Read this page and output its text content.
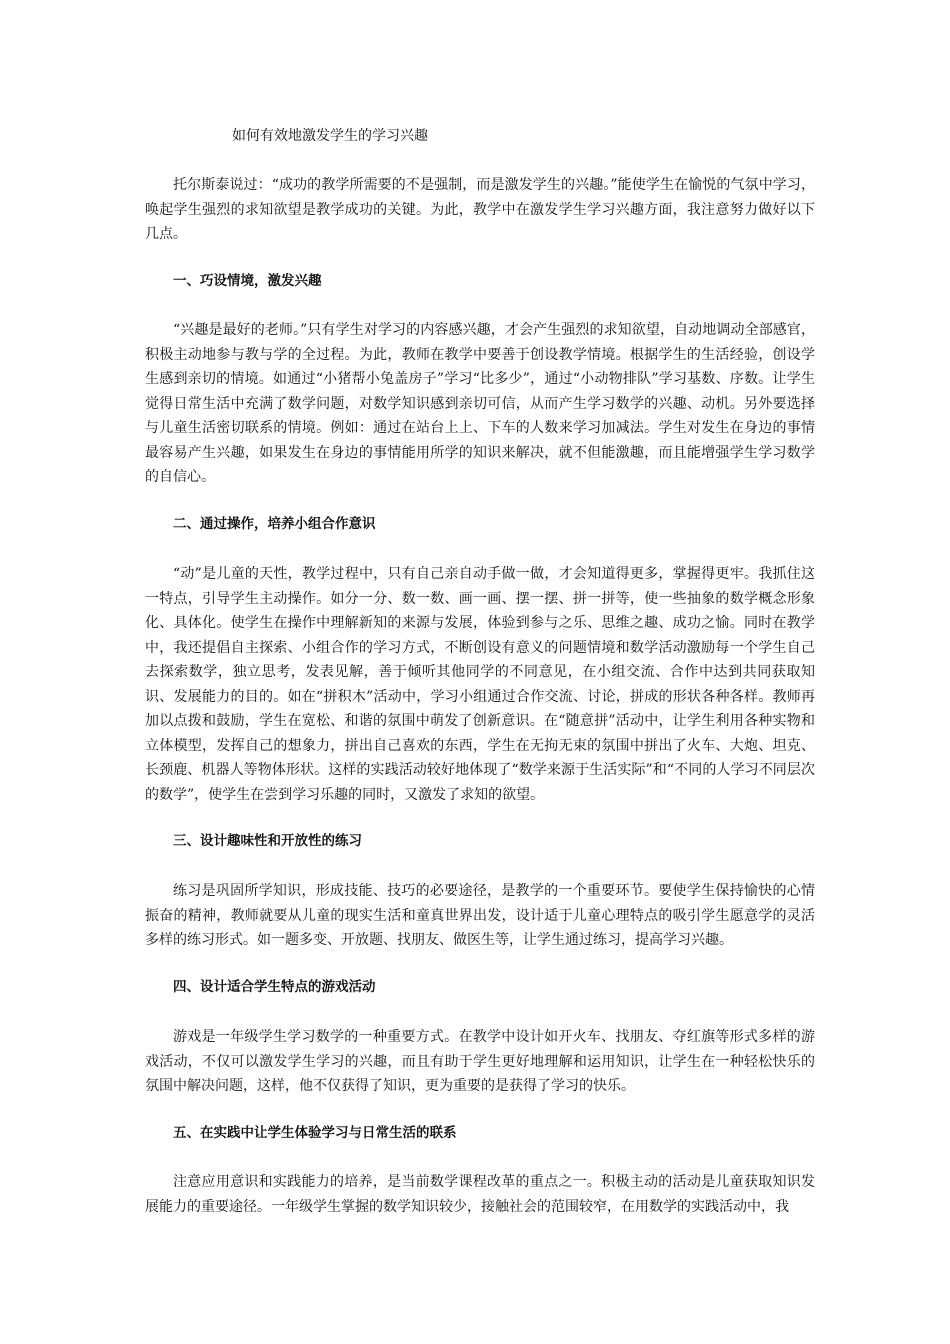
如何有效地激发学生的学习兴趣

托尔斯泰说过：“成功的教学所需要的不是强制，而是激发学生的兴趣。”能使学生在愉悦的气氛中学习，唤起学生强烈的求知欲望是教学成功的关键。为此，教学中在激发学生学习兴趣方面，我注意努力做好以下几点。

一、巧设情境，激发兴趣

“兴趣是最好的老师。”只有学生对学习的内容感兴趣，才会产生强烈的求知欲望，自动地调动全部感官，积极主动地参与教与学的全过程。为此，教师在教学中要善于创设教学情境。根据学生的生活经验，创设学生感到亲切的情境。如通过“小猪帮小兔盖房子”学习“比多少”，通过“小动物排队”学习基数、序数。让学生觉得日常生活中充满了数学问题，对数学知识感到亲切可信，从而产生学习数学的兴趣、动机。另外要选择与儿童生活密切联系的情境。例如：通过在站台上上、下车的人数来学习加减法。学生对发生在身边的事情最容易产生兴趣，如果发生在身边的事情能用所学的知识来解决，就不但能激趣，而且能增强学生学习数学的自信心。

二、通过操作，培养小组合作意识

“动”是儿童的天性，教学过程中，只有自己亲自动手做一做，才会知道得更多，掌握得更牢。我抓住这一特点，引导学生主动操作。如分一分、数一数、画一画、摆一摆、拼一拼等，使一些抽象的数学概念形象化、具体化。使学生在操作中理解新知的来源与发展，体验到参与之乐、思维之趣、成功之愉。同时在教学中，我还提倡自主探索、小组合作的学习方式，不断创设有意义的问题情境和数学活动激励每一个学生自己去探索数学，独立思考，发表见解，善于倾听其他同学的不同意见，在小组交流、合作中达到共同获取知识、发展能力的目的。如在“拼积木”活动中，学习小组通过合作交流、讨论，拼成的形状各种各样。教师再加以点拨和鼓励，学生在宽松、和谐的氛围中萌发了创新意识。在“随意拼”活动中，让学生利用各种实物和立体模型，发挥自己的想象力，拼出自己喜欢的东西，学生在无拘无束的氛围中拼出了火车、大炮、坦克、长颈鹿、机器人等物体形状。这样的实践活动较好地体现了“数学来源于生活实际”和“不同的人学习不同层次的数学”，使学生在尝到学习乐趣的同时，又激发了求知的欲望。

三、设计趣味性和开放性的练习

练习是巩固所学知识，形成技能、技巧的必要途径，是教学的一个重要环节。要使学生保持愉快的心情振奋的精神，教师就要从儿童的现实生活和童真世界出发，设计适于儿童心理特点的吸引学生愿意学的灵活多样的练习形式。如一题多变、开放题、找朋友、做医生等，让学生通过练习，提高学习兴趣。

四、设计适合学生特点的游戏活动

游戏是一年级学生学习数学的一种重要方式。在教学中设计如开火车、找朋友、夺红旗等形式多样的游戏活动，不仅可以激发学生学习的兴趣，而且有助于学生更好地理解和运用知识，让学生在一种轻松快乐的氛围中解决问题，这样，他不仅获得了知识，更为重要的是获得了学习的快乐。

五、在实践中让学生体验学习与日常生活的联系

注意应用意识和实践能力的培养，是当前数学课程改革的重点之一。积极主动的活动是儿童获取知识发展能力的重要途径。一年级学生掌握的数学知识较少，接触社会的范围较窄，在用数学的实践活动中，我
